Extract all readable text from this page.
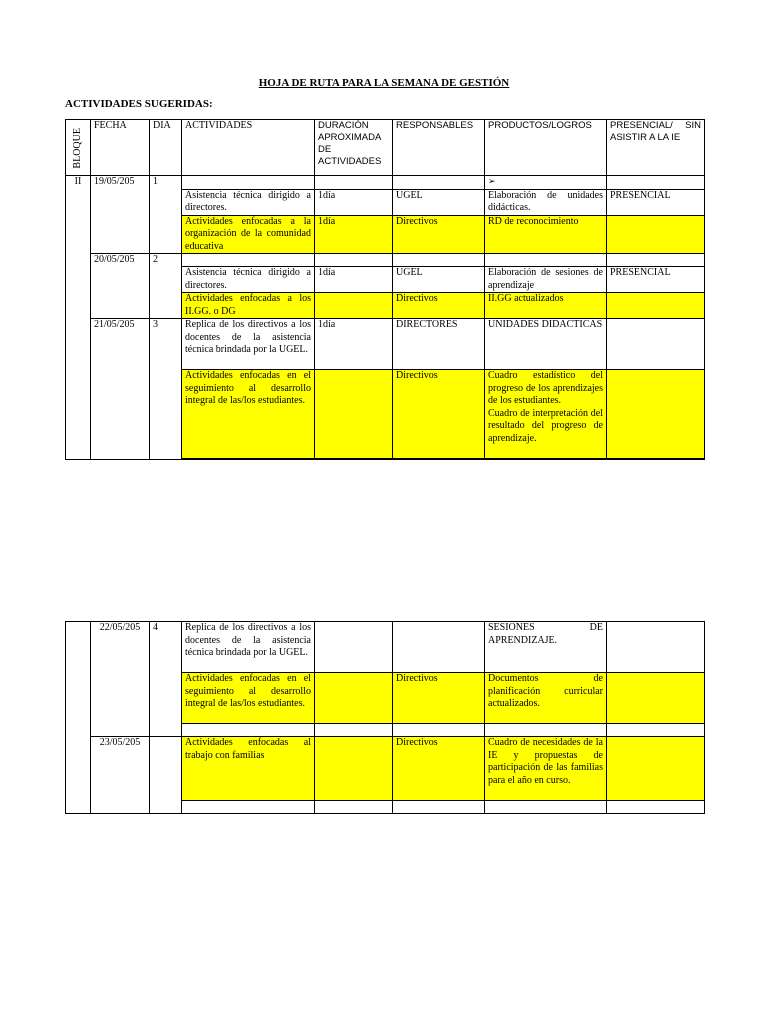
HOJA DE RUTA PARA LA SEMANA DE GESTIÓN
ACTIVIDADES SUGERIDAS:
BLOQUE	FECHA	DIA	ACTIVIDADES	DURACIÓN APROXIMADA DE ACTIVIDADES	RESPONSABLES	PRODUCTOS/LOGROS	PRESENCIAL/ SIN ASISTIR A LA IE
II	19/05/205	1				➢	
			Asistencia técnica dirigido a directores.	1día	UGEL	Elaboración de unidades didácticas.	PRESENCIAL
			Actividades enfocadas a la organización de la comunidad educativa	1día	Directivos	RD de reconocimiento	
	20/05/205	2					
			Asistencia técnica dirigido a directores.	1día	UGEL	Elaboración de sesiones de aprendizaje	PRESENCIAL
			Actividades enfocadas a los II.GG. o DG		Directivos	II.GG actualizados	
	21/05/205	3	Replica de los directivos a los docentes de la asistencia técnica brindada por la UGEL.	1día	DIRECTORES	UNIDADES DIDACTICAS	
			Actividades enfocadas en el seguimiento al desarrollo integral de las/los estudiantes.		Directivos	Cuadro estadístico del progreso de los aprendizajes de los estudiantes.
Cuadro de interpretación del resultado del progreso de aprendizaje.	

	22/05/205	4	Replica de los directivos a los docentes de la asistencia técnica brindada por la UGEL.			SESIONES DE APRENDIZAJE.	
			Actividades enfocadas en el seguimiento al desarrollo integral de las/los estudiantes.		Directivos	Documentos de planificación curricular actualizados.	

	23/05/205		Actividades enfocadas al trabajo con familias		Directivos	Cuadro de necesidades de la IE y propuestas de participación de las familias para el año en curso.	
